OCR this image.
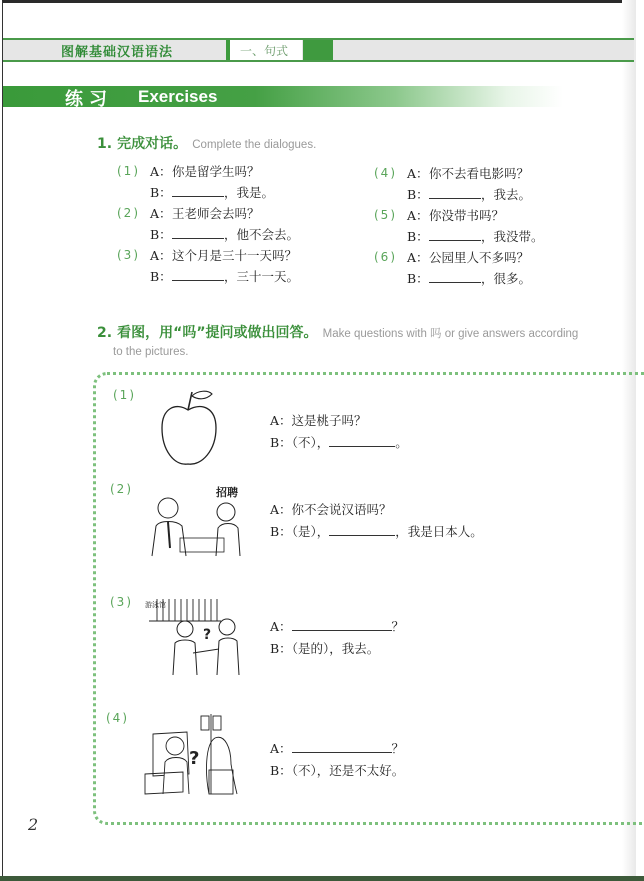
图解基础汉语语法	一、句式
练习 Exercises
1. 完成对话。 Complete the dialogues.
(1) A： 你是留学生吗？
B：	，我是。
(2) A： 王老师会去吗？
B：	，他不会去。
(3) A： 这个月是三十一天吗？
B：	，三十一天。
(4) A： 你不去看电影吗？
B：	，我去。
(5) A： 你没带书吗？
B：	，我没带。
(6) A： 公园里人不多吗？
B：	，很多。
2. 看图，用“吗”提问或做出回答。 Make questions with 吗 or give answers according
to the pictures.
(1)
A：这是桃子吗？
B：（不），	。
(2)	招聘
A：你不会说汉语吗？
B：（是），	，我是日本人。
(3) 游泳馆
?
A：	？
B：（是的），我去。
(4)
?	A：	？
B：（不），还是不太好。
2
